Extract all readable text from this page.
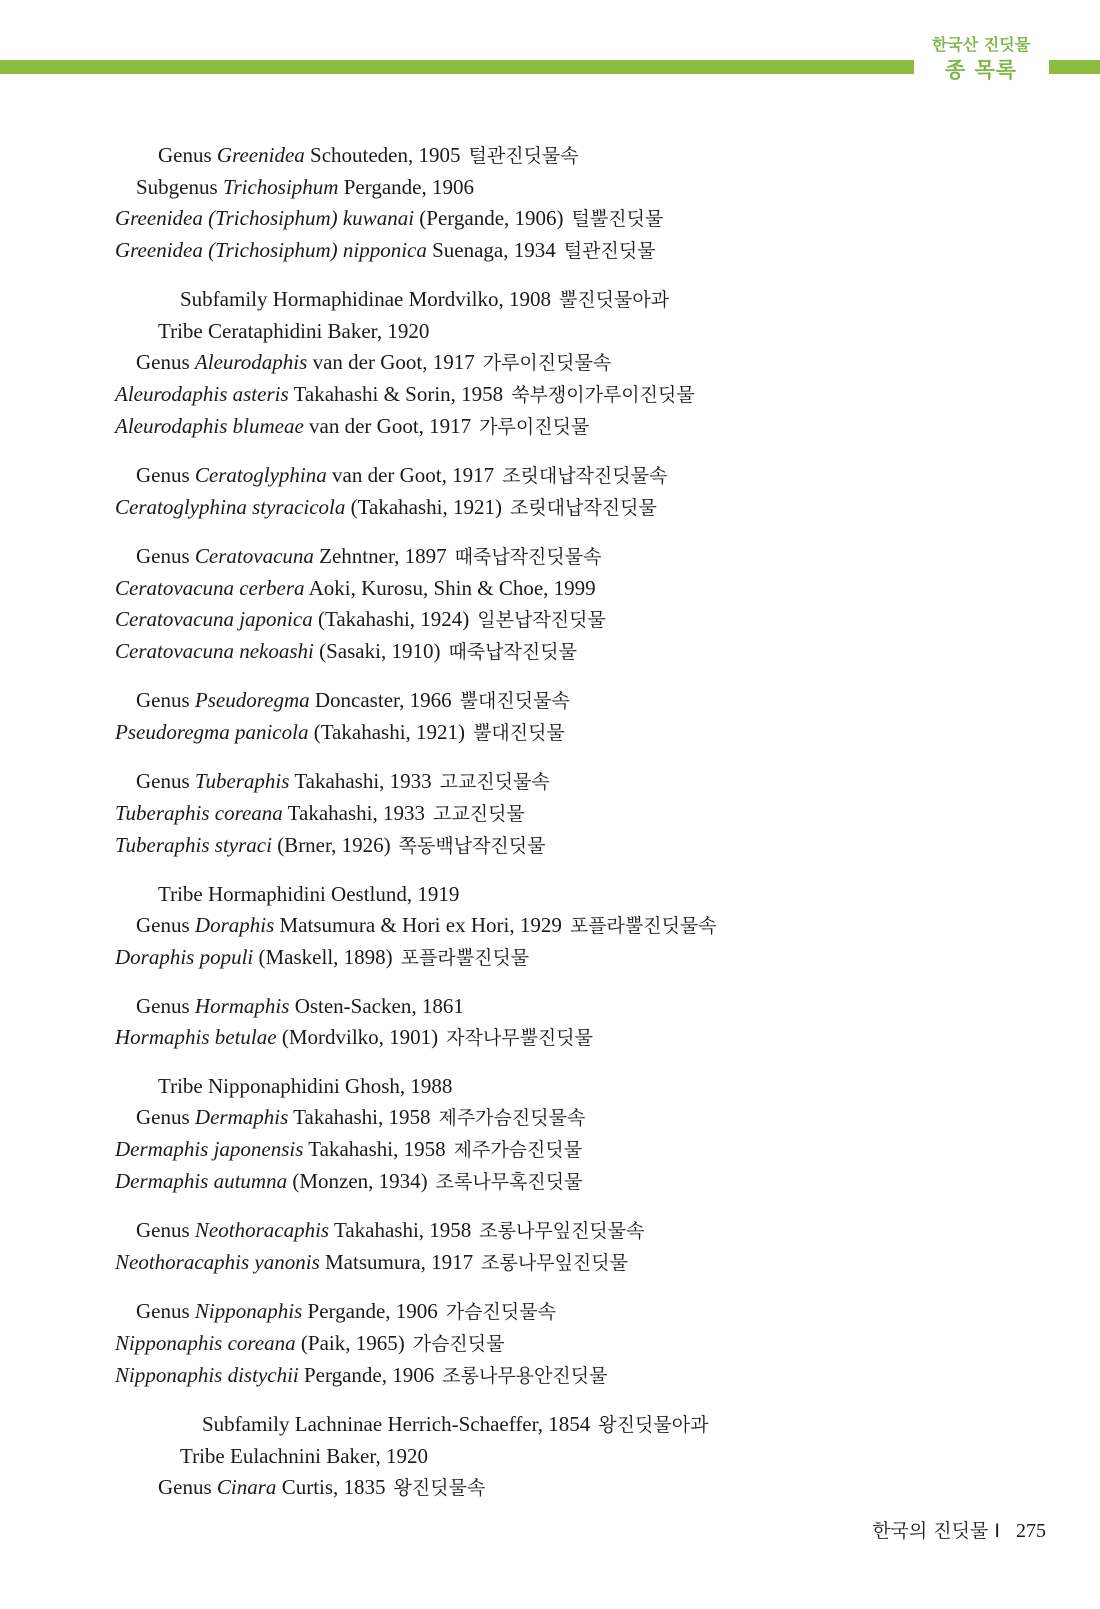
한국산 진딧물
종 목록
Genus Greenidea Schouteden, 1905 털관진딧물속
Subgenus Trichosiphum Pergande, 1906
Greenidea (Trichosiphum) kuwanai (Pergande, 1906) 털뿔진딧물
Greenidea (Trichosiphum) nipponica Suenaga, 1934 털관진딧물
Subfamily Hormaphidinae Mordvilko, 1908 뿔진딧물아과
Tribe Cerataphidini Baker, 1920
Genus Aleurodaphis van der Goot, 1917 가루이진딧물속
Aleurodaphis asteris Takahashi & Sorin, 1958 쑥부쟁이가루이진딧물
Aleurodaphis blumeae van der Goot, 1917 가루이진딧물
Genus Ceratoglyphina van der Goot, 1917 조릿대납작진딧물속
Ceratoglyphina styracicola (Takahashi, 1921) 조릿대납작진딧물
Genus Ceratovacuna Zehntner, 1897 때죽납작진딧물속
Ceratovacuna cerbera Aoki, Kurosu, Shin & Choe, 1999
Ceratovacuna japonica (Takahashi, 1924) 일본납작진딧물
Ceratovacuna nekoashi (Sasaki, 1910) 때죽납작진딧물
Genus Pseudoregma Doncaster, 1966 뿔대진딧물속
Pseudoregma panicola (Takahashi, 1921) 뿔대진딧물
Genus Tuberaphis Takahashi, 1933 고교진딧물속
Tuberaphis coreana Takahashi, 1933 고교진딧물
Tuberaphis styraci (Brner, 1926) 쪽동백납작진딧물
Tribe Hormaphidini Oestlund, 1919
Genus Doraphis Matsumura & Hori ex Hori, 1929 포플라뿔진딧물속
Doraphis populi (Maskell, 1898) 포플라뿔진딧물
Genus Hormaphis Osten-Sacken, 1861
Hormaphis betulae (Mordvilko, 1901) 자작나무뿔진딧물
Tribe Nipponaphidini Ghosh, 1988
Genus Dermaphis Takahashi, 1958 제주가슴진딧물속
Dermaphis japonensis Takahashi, 1958 제주가슴진딧물
Dermaphis autumna (Monzen, 1934) 조록나무혹진딧물
Genus Neothoracaphis Takahashi, 1958 조롱나무잎진딧물속
Neothoracaphis yanonis Matsumura, 1917 조롱나무잎진딧물
Genus Nipponaphis Pergande, 1906 가슴진딧물속
Nipponaphis coreana (Paik, 1965) 가슴진딧물
Nipponaphis distychii Pergande, 1906 조롱나무용안진딧물
Subfamily Lachninae Herrich-Schaeffer, 1854 왕진딧물아과
Tribe Eulachnini Baker, 1920
Genus Cinara Curtis, 1835 왕진딧물속
한국의 진딧물 I 275
